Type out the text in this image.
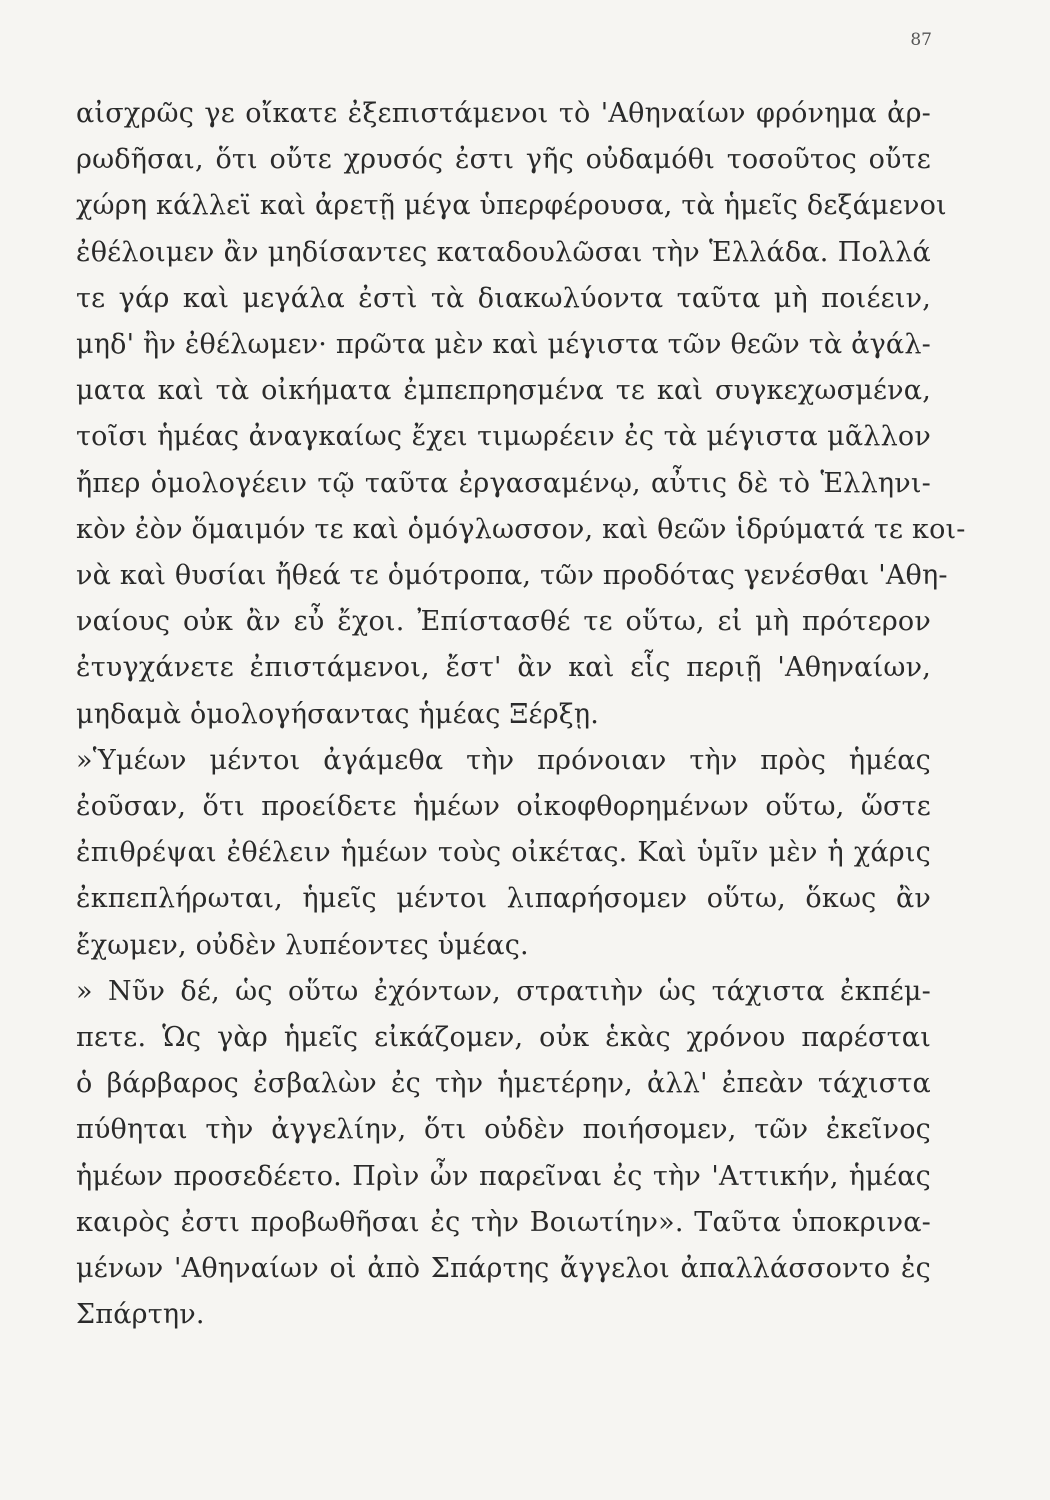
87
αἰσχρῶς γε οἴκατε ἐξεπιστάμενοι τὸ 'Αθηναίων φρόνημα ἀρ-
ρωδῆσαι, ὅτι οὔτε χρυσός ἐστι γῆς οὐδαμόθι τοσοῦτος οὔτε
χώρη κάλλεϊ καὶ ἀρετῇ μέγα ὑπερφέρουσα, τὰ ἡμεῖς δεξάμενοι
ἐθέλοιμεν ἂν μηδίσαντες καταδουλῶσαι τὴν Ἑλλάδα. Πολλά
τε γάρ καὶ μεγάλα ἐστὶ τὰ διακωλύοντα ταῦτα μὴ ποιέειν,
μηδ' ἢν ἐθέλωμεν· πρῶτα μὲν καὶ μέγιστα τῶν θεῶν τὰ ἀγάλ-
ματα καὶ τὰ οἰκήματα ἐμπεπρησμένα τε καὶ συγκεχωσμένα,
τοῖσι ἡμέας ἀναγκαίως ἔχει τιμωρέειν ἐς τὰ μέγιστα μᾶλλον
ἤπερ ὁμολογέειν τῷ ταῦτα ἐργασαμένῳ, αὖτις δὲ τὸ Ἑλληνι-
κὸν ἐὸν ὅμαιμόν τε καὶ ὁμόγλωσσον, καὶ θεῶν ἱδρύματά τε κοι-
νὰ καὶ θυσίαι ἤθεά τε ὁμότροπα, τῶν προδότας γενέσθαι 'Αθη-
ναίους οὐκ ἂν εὖ ἔχοι. Ἐπίστασθέ τε οὕτω, εἰ μὴ πρότερον
ἐτυγχάνετε ἐπιστάμενοι, ἔστ' ἂν καὶ εἷς περιῇ 'Αθηναίων,
μηδαμὰ ὁμολογήσαντας ἡμέας Ξέρξῃ.
»Ὑμέων μέντοι ἀγάμεθα τὴν πρόνοιαν τὴν πρὸς ἡμέας
ἐοῦσαν, ὅτι προείδετε ἡμέων οἰκοφθορημένων οὕτω, ὥστε
ἐπιθρέψαι ἐθέλειν ἡμέων τοὺς οἰκέτας. Καὶ ὑμῖν μὲν ἡ χάρις
ἐκπεπλήρωται, ἡμεῖς μέντοι λιπαρήσομεν οὕτω, ὅκως ἂν
ἔχωμεν, οὐδὲν λυπέοντες ὑμέας.
» Νῦν δέ, ὡς οὕτω ἐχόντων, στρατιὴν ὡς τάχιστα ἐκπέμ-
πετε. Ὡς γὰρ ἡμεῖς εἰκάζομεν, οὐκ ἑκὰς χρόνου παρέσται
ὁ βάρβαρος ἐσβαλὼν ἐς τὴν ἡμετέρην, ἀλλ' ἐπεὰν τάχιστα
πύθηται τὴν ἀγγελίην, ὅτι οὐδὲν ποιήσομεν, τῶν ἐκεῖνος
ἡμέων προσεδέετο. Πρὶν ὦν παρεῖναι ἐς τὴν 'Αττικήν, ἡμέας
καιρὸς ἐστι προβωθῆσαι ἐς τὴν Βοιωτίην». Ταῦτα ὑποκρινα-
μένων 'Αθηναίων οἱ ἀπὸ Σπάρτης ἄγγελοι ἀπαλλάσσοντο ἐς
Σπάρτην.
